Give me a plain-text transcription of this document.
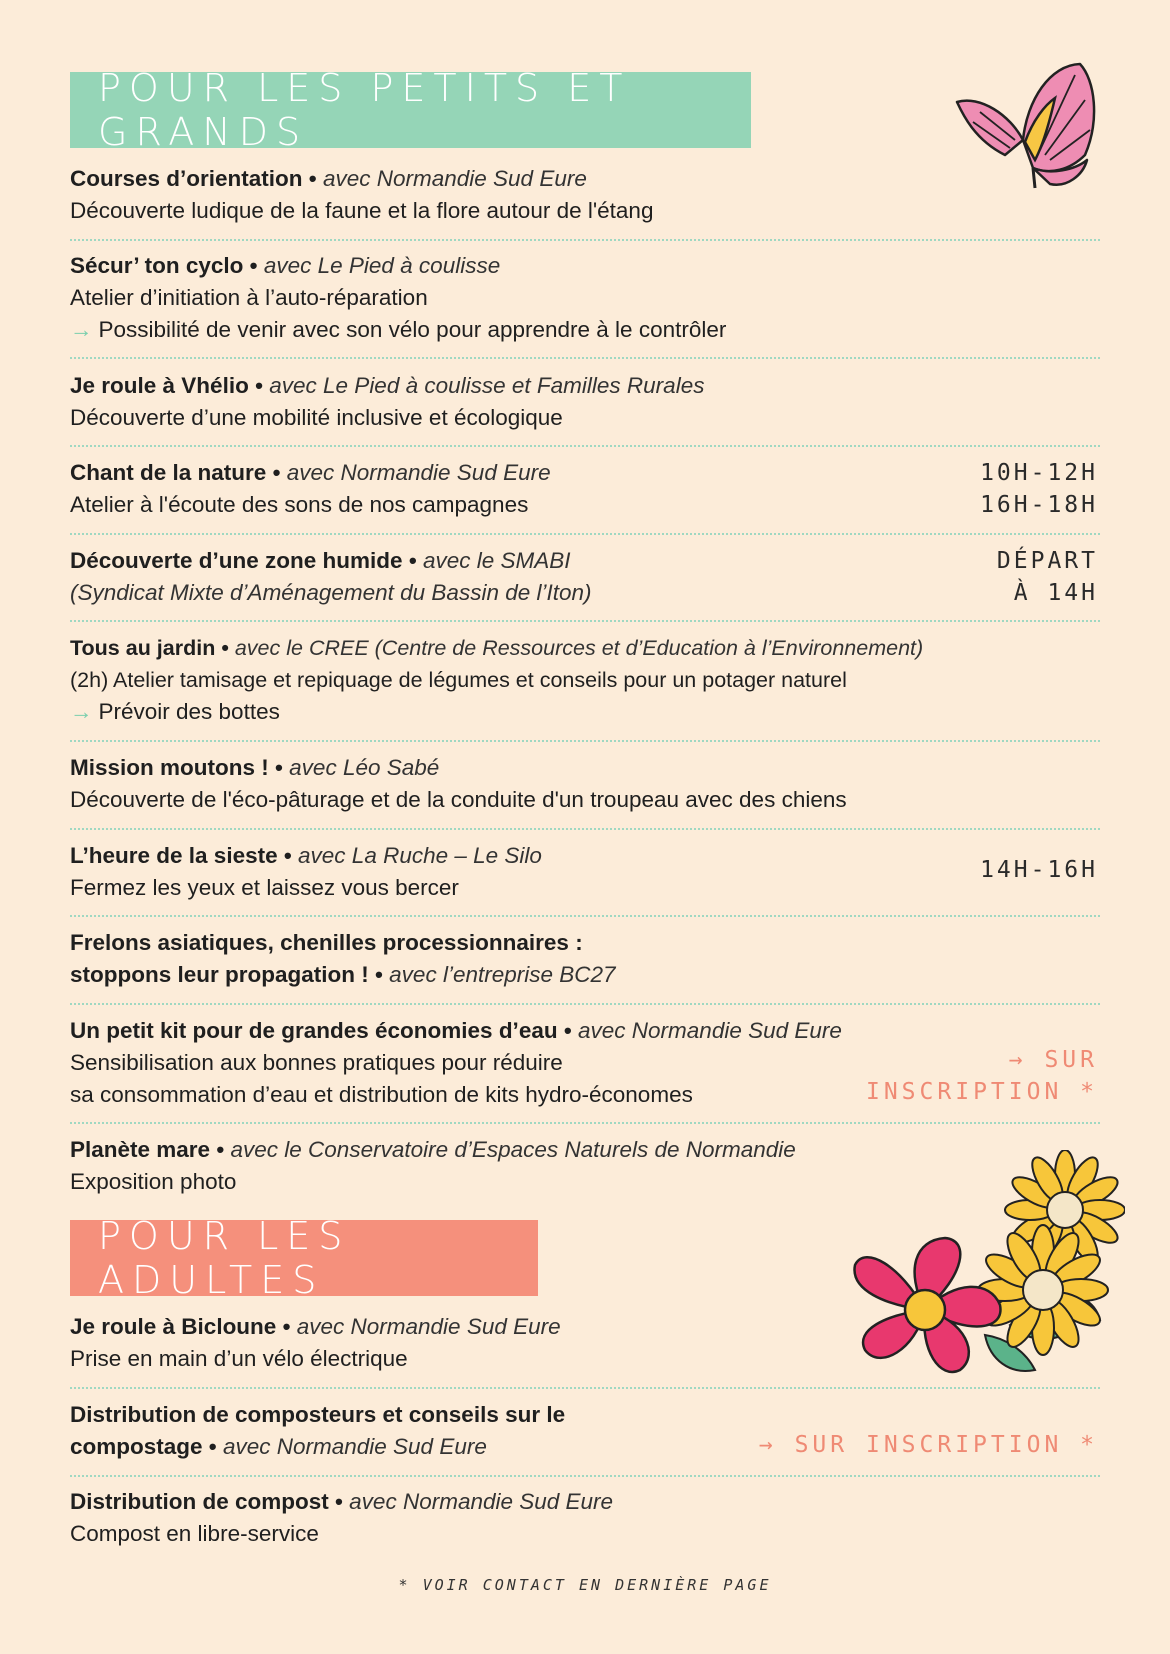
POUR LES PETITS ET GRANDS
Courses d’orientation • avec Normandie Sud Eure
Découverte ludique de la faune et la flore autour de l'étang
Sécur’ ton cyclo • avec Le Pied à coulisse
Atelier d’initiation à l’auto-réparation
→ Possibilité de venir avec son vélo pour apprendre à le contrôler
Je roule à Vhélio • avec Le Pied à coulisse et Familles Rurales
Découverte d’une mobilité inclusive et écologique
Chant de la nature • avec Normandie Sud Eure
Atelier à l'écoute des sons de nos campagnes
10H-12H
16H-18H
Découverte d’une zone humide • avec le SMABI
(Syndicat Mixte d’Aménagement du Bassin de l’Iton)
DÉPART
À 14H
Tous au jardin • avec le CREE (Centre de Ressources et d’Education à l’Environnement)
(2h) Atelier tamisage et repiquage de légumes et conseils pour un potager naturel
→ Prévoir des bottes
Mission moutons ! • avec Léo Sabé
Découverte de l'éco-pâturage et de la conduite d'un troupeau avec des chiens
L’heure de la sieste • avec La Ruche – Le Silo
Fermez les yeux et laissez vous bercer
14H-16H
Frelons asiatiques, chenilles processionnaires :
stoppons leur propagation ! • avec l’entreprise BC27
Un petit kit pour de grandes économies d’eau • avec Normandie Sud Eure
Sensibilisation aux bonnes pratiques pour réduire
sa consommation d’eau et distribution de kits hydro-économes
→ SUR
INSCRIPTION *
Planète mare • avec le Conservatoire d’Espaces Naturels de Normandie
Exposition photo
POUR LES ADULTES
Je roule à Bicloune • avec Normandie Sud Eure
Prise en main d’un vélo électrique
Distribution de composteurs et conseils sur le
compostage • avec Normandie Sud Eure	→ SUR INSCRIPTION *
Distribution de compost • avec Normandie Sud Eure
Compost en libre-service
* VOIR CONTACT EN DERNIÈRE PAGE
